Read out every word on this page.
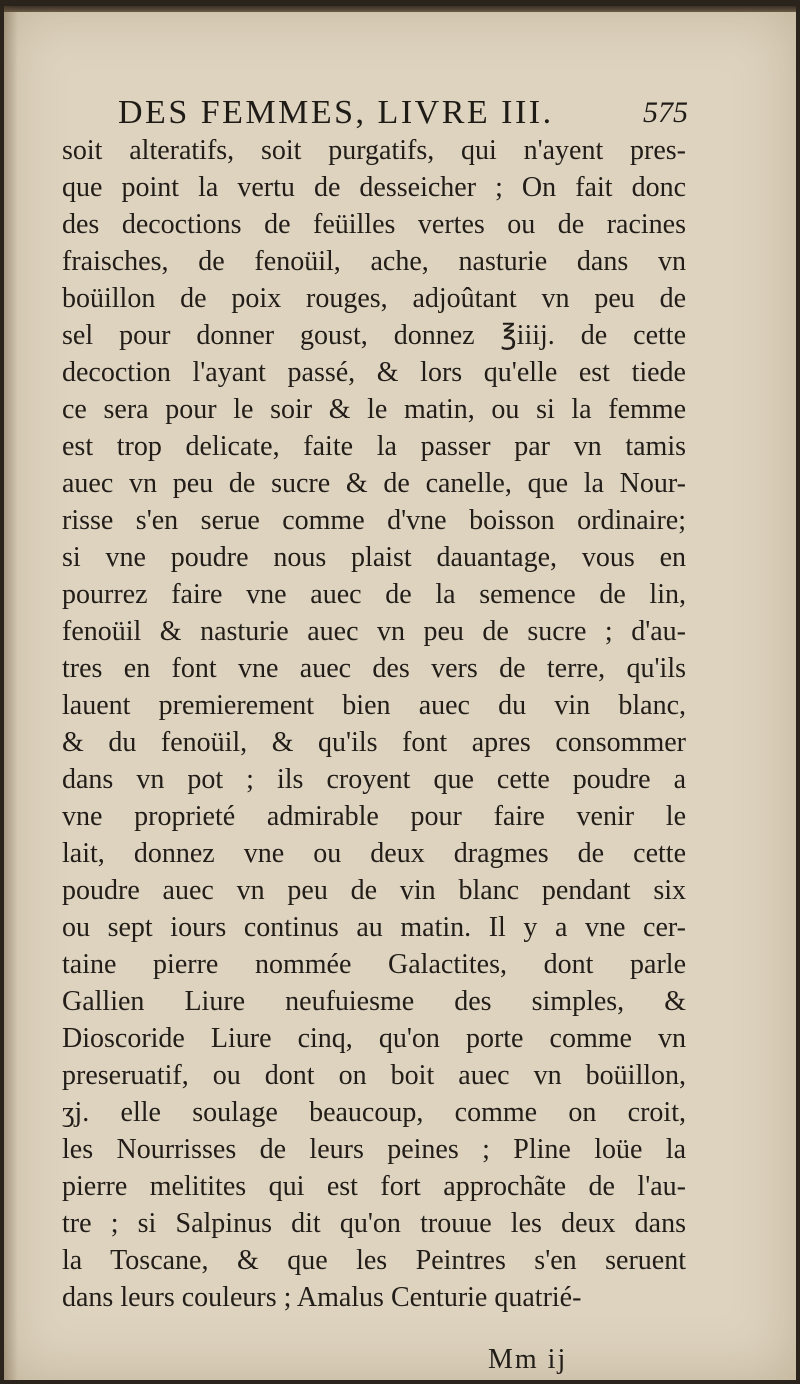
DES FEMMES, LIVRE III.	575
soit alteratifs, soit purgatifs, qui n'ayent pres-
que point la vertu de desseicher ; On fait donc
des decoctions de feüilles vertes ou de racines
fraisches, de fenoüil, ache, nasturie dans vn
boüillon de poix rouges, adjoûtant vn peu de
sel pour donner goust, donnez ℥iiij. de cette
decoction l'ayant passé, & lors qu'elle est tiede
ce sera pour le soir & le matin, ou si la femme
est trop delicate, faite la passer par vn tamis
auec vn peu de sucre & de canelle, que la Nour-
risse s'en serue comme d'vne boisson ordinaire;
si vne poudre nous plaist dauantage, vous en
pourrez faire vne auec de la semence de lin,
fenoüil & nasturie auec vn peu de sucre ; d'au-
tres en font vne auec des vers de terre, qu'ils
lauent premierement bien auec du vin blanc,
& du fenoüil, & qu'ils font apres consommer
dans vn pot ; ils croyent que cette poudre a
vne proprieté admirable pour faire venir le
lait, donnez vne ou deux dragmes de cette
poudre auec vn peu de vin blanc pendant six
ou sept iours continus au matin. Il y a vne cer-
taine pierre nommée Galactites, dont parle
Gallien Liure neufuiesme des simples, &
Dioscoride Liure cinq, qu'on porte comme vn
preseruatif, ou dont on boit auec vn boüillon,
ʒj. elle soulage beaucoup, comme on croit,
les Nourrisses de leurs peines ; Pline loüe la
pierre melitites qui est fort approchãte de l'au-
tre ; si Salpinus dit qu'on trouue les deux dans
la Toscane, & que les Peintres s'en seruent
dans leurs couleurs ; Amalus Centurie quatrié-
Mm ij
